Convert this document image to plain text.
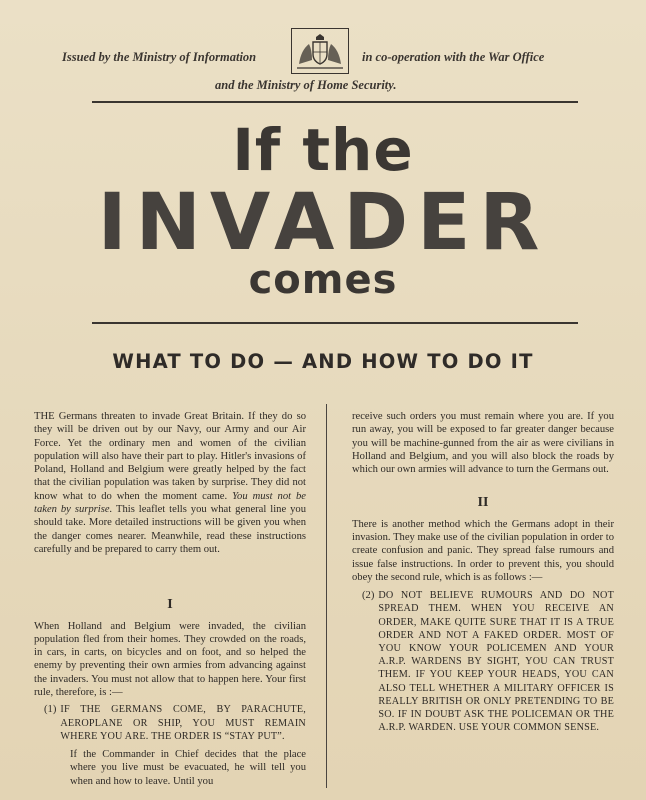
Issued by the Ministry of Information	in co-operation with the War Office
and the Ministry of Home Security.
If the
INVADER
comes
WHAT TO DO — AND HOW TO DO IT

THE Germans threaten to invade Great Britain. If they do so they will be driven out by our Navy, our Army and our Air Force. Yet the ordinary men and women of the civilian population will also have their part to play. Hitler's invasions of Poland, Holland and Belgium were greatly helped by the fact that the civilian population was taken by surprise. They did not know what to do when the moment came. You must not be taken by surprise. This leaflet tells you what general line you should take. More detailed instructions will be given you when the danger comes nearer. Meanwhile, read these instructions carefully and be prepared to carry them out.

I

When Holland and Belgium were invaded, the civilian population fled from their homes. They crowded on the roads, in cars, in carts, on bicycles and on foot, and so helped the enemy by preventing their own armies from advancing against the invaders. You must not allow that to happen here. Your first rule, therefore, is :—

(1) IF THE GERMANS COME, BY PARACHUTE, AEROPLANE OR SHIP, YOU MUST REMAIN WHERE YOU ARE. THE ORDER IS “STAY PUT”.

If the Commander in Chief decides that the place where you live must be evacuated, he will tell you when and how to leave. Until you

receive such orders you must remain where you are. If you run away, you will be exposed to far greater danger because you will be machine-gunned from the air as were civilians in Holland and Belgium, and you will also block the roads by which our own armies will advance to turn the Germans out.

II

There is another method which the Germans adopt in their invasion. They make use of the civilian population in order to create confusion and panic. They spread false rumours and issue false instructions. In order to prevent this, you should obey the second rule, which is as follows :—

(2) DO NOT BELIEVE RUMOURS AND DO NOT SPREAD THEM. WHEN YOU RECEIVE AN ORDER, MAKE QUITE SURE THAT IT IS A TRUE ORDER AND NOT A FAKED ORDER. MOST OF YOU KNOW YOUR POLICEMEN AND YOUR A.R.P. WARDENS BY SIGHT, YOU CAN TRUST THEM. IF YOU KEEP YOUR HEADS, YOU CAN ALSO TELL WHETHER A MILITARY OFFICER IS REALLY BRITISH OR ONLY PRETENDING TO BE SO. IF IN DOUBT ASK THE POLICEMAN OR THE A.R.P. WARDEN. USE YOUR COMMON SENSE.
